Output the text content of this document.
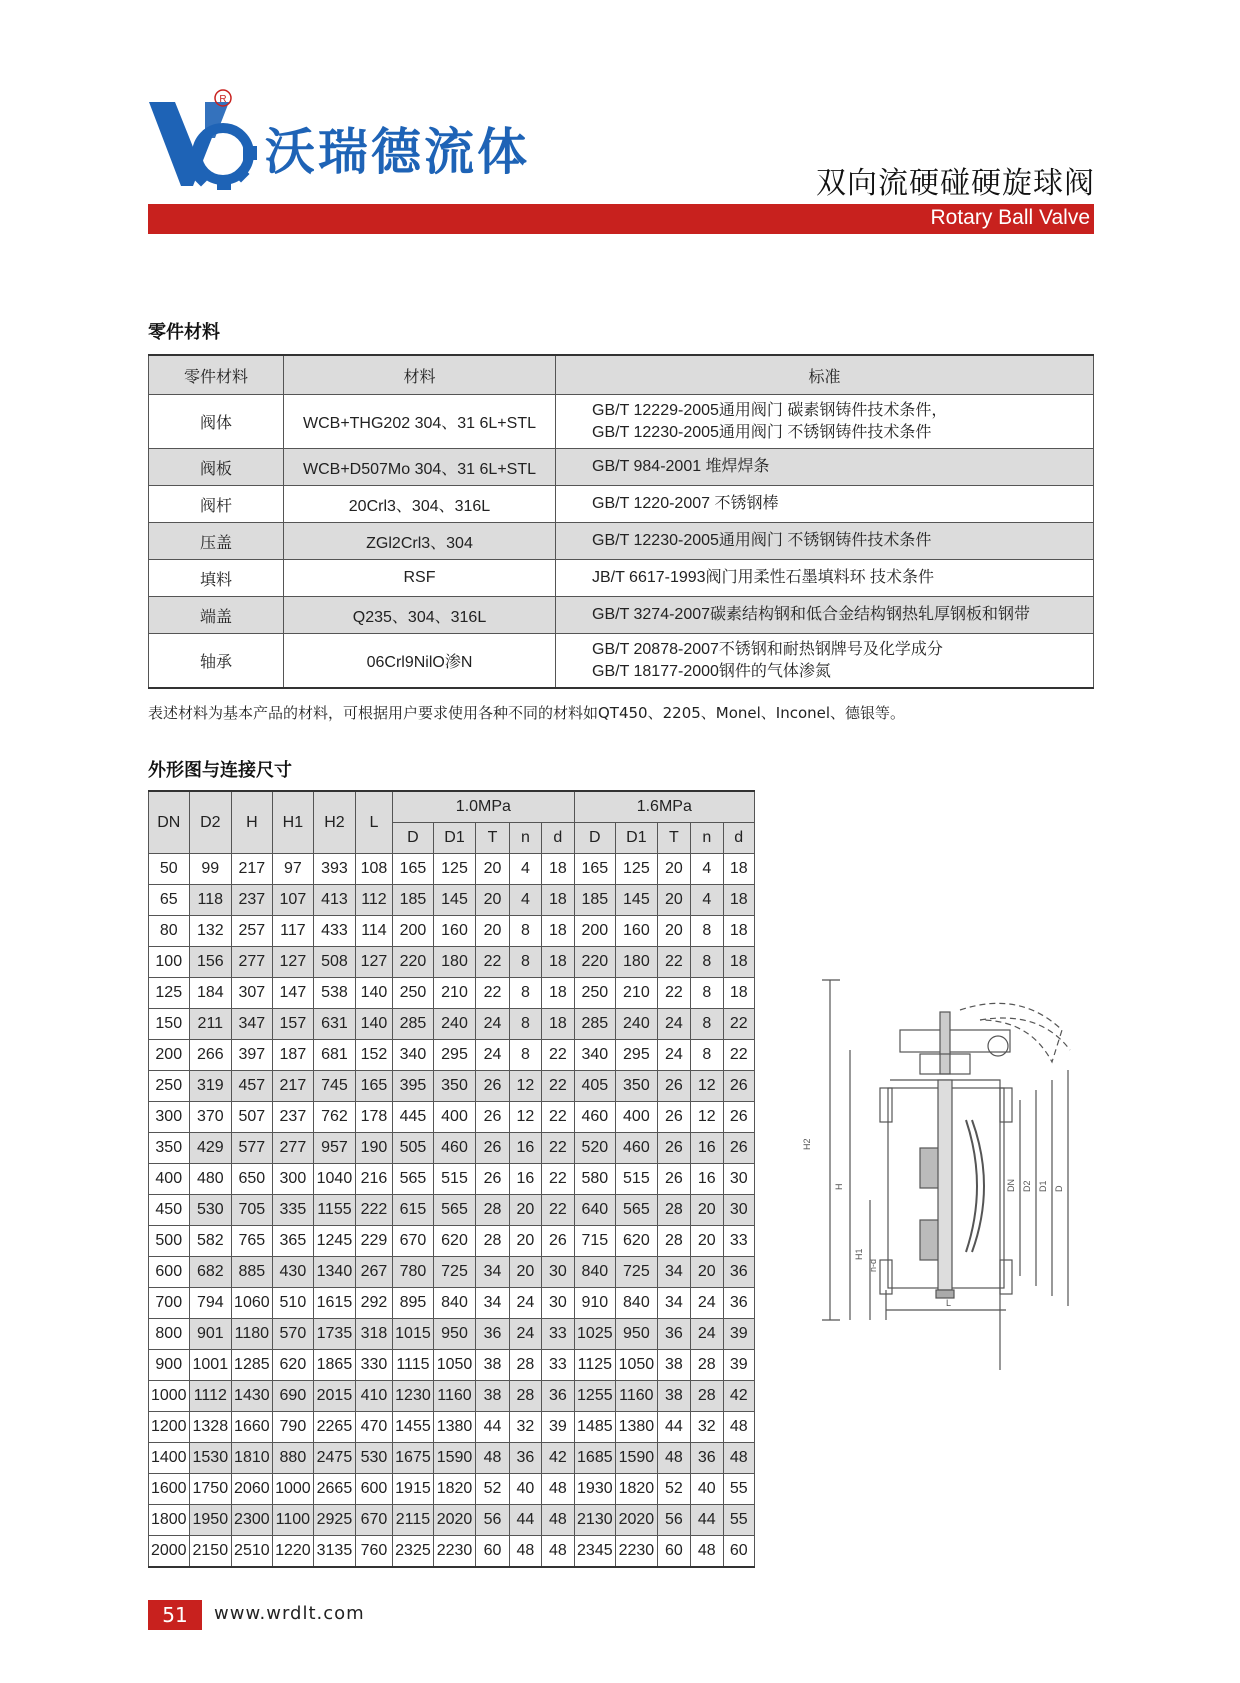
R
沃瑞德流体
双向流硬碰硬旋球阀
Rotary Ball Valve
零件材料
零件材料	材料	标准
阀体	WCB+THG202 304、31 6L+STL	GB/T 12229-2005通用阀门 碳素钢铸件技术条件，
GB/T 12230-2005通用阀门 不锈钢铸件技术条件

阀板	WCB+D507Mo 304、31 6L+STL	GB/T 984-2001 堆焊焊条

阀杆	20Crl3、304、316L	GB/T 1220-2007 不锈钢棒

压盖	ZGl2Crl3、304	GB/T 12230-2005通用阀门 不锈钢铸件技术条件

填料	RSF	JB/T 6617-1993阀门用柔性石墨填料环 技术条件

端盖	Q235、304、316L	GB/T 3274-2007碳素结构钢和低合金结构钢热轧厚钢板和钢带

轴承	06Crl9NilO渗N	GB/T 20878-2007不锈钢和耐热钢牌号及化学成分
GB/T 18177-2000钢件的气体渗氮
表述材料为基本产品的材料，可根据用户要求使用各种不同的材料如QT450、2205、Monel、Inconel、德银等。
外形图与连接尺寸
DN	D2	H	H1	H2	L	1.0MPa					1.6MPa				
						D	D1	T	n	d	D	D1	T	n	d
50	99	217	97	393	108	165	125	20	4	18	165	125	20	4	18
65	118	237	107	413	112	185	145	20	4	18	185	145	20	4	18
80	132	257	117	433	114	200	160	20	8	18	200	160	20	8	18
100	156	277	127	508	127	220	180	22	8	18	220	180	22	8	18
125	184	307	147	538	140	250	210	22	8	18	250	210	22	8	18
150	211	347	157	631	140	285	240	24	8	18	285	240	24	8	22
200	266	397	187	681	152	340	295	24	8	22	340	295	24	8	22
250	319	457	217	745	165	395	350	26	12	22	405	350	26	12	26
300	370	507	237	762	178	445	400	26	12	22	460	400	26	12	26
350	429	577	277	957	190	505	460	26	16	22	520	460	26	16	26
400	480	650	300	1040	216	565	515	26	16	22	580	515	26	16	30
450	530	705	335	1155	222	615	565	28	20	22	640	565	28	20	30
500	582	765	365	1245	229	670	620	28	20	26	715	620	28	20	33
600	682	885	430	1340	267	780	725	34	20	30	840	725	34	20	36
700	794	1060	510	1615	292	895	840	34	24	30	910	840	34	24	36
800	901	1180	570	1735	318	1015	950	36	24	33	1025	950	36	24	39
900	1001	1285	620	1865	330	1115	1050	38	28	33	1125	1050	38	28	39
1000	1112	1430	690	2015	410	1230	1160	38	28	36	1255	1160	38	28	42
1200	1328	1660	790	2265	470	1455	1380	44	32	39	1485	1380	44	32	48
1400	1530	1810	880	2475	530	1675	1590	48	36	42	1685	1590	48	36	48
1600	1750	2060	1000	2665	600	1915	1820	52	40	48	1930	1820	52	40	55
1800	1950	2300	1100	2925	670	2115	2020	56	44	48	2130	2020	56	44	55
2000	2150	2510	1220	3135	760	2325	2230	60	48	48	2345	2230	60	48	60
H2
H
H1
DN D2 D1 D
L
n-d
51	www.wrdlt.com
